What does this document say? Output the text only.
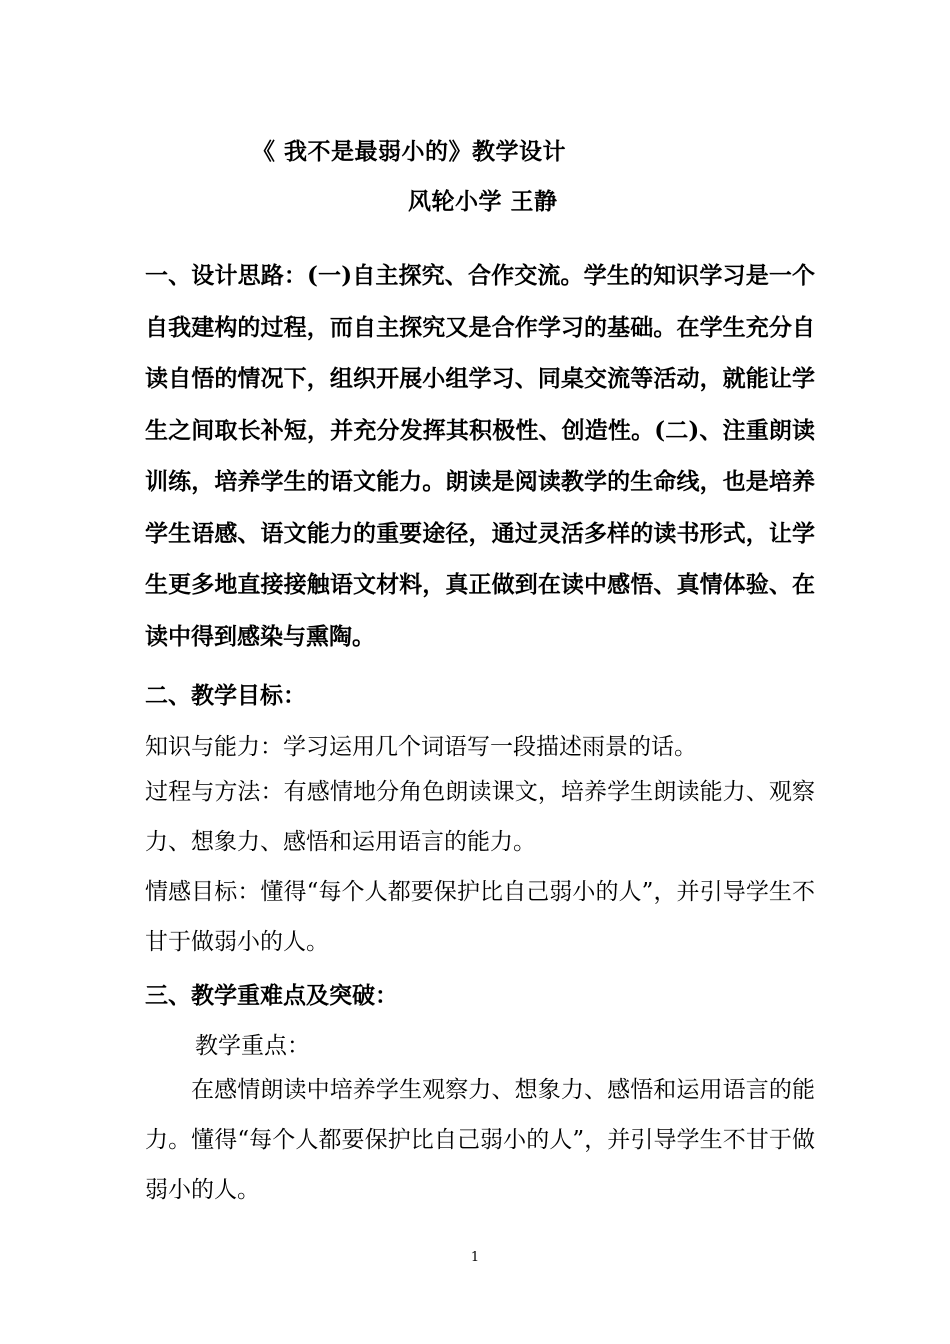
《 我不是最弱小的》教学设计
风轮小学 王静
一、设计思路：(一)自主探究、合作交流。学生的知识学习是一个自我建构的过程，而自主探究又是合作学习的基础。在学生充分自读自悟的情况下，组织开展小组学习、同桌交流等活动，就能让学生之间取长补短，并充分发挥其积极性、创造性。(二)、注重朗读训练，培养学生的语文能力。朗读是阅读教学的生命线，也是培养学生语感、语文能力的重要途径，通过灵活多样的读书形式，让学生更多地直接接触语文材料，真正做到在读中感悟、真情体验、在读中得到感染与熏陶。
二、教学目标：
知识与能力：学习运用几个词语写一段描述雨景的话。
过程与方法：有感情地分角色朗读课文，培养学生朗读能力、观察力、想象力、感悟和运用语言的能力。
情感目标：懂得“每个人都要保护比自己弱小的人”，并引导学生不甘于做弱小的人。
三、教学重难点及突破：
教学重点：
在感情朗读中培养学生观察力、想象力、感悟和运用语言的能力。懂得“每个人都要保护比自己弱小的人”，并引导学生不甘于做弱小的人。
1
